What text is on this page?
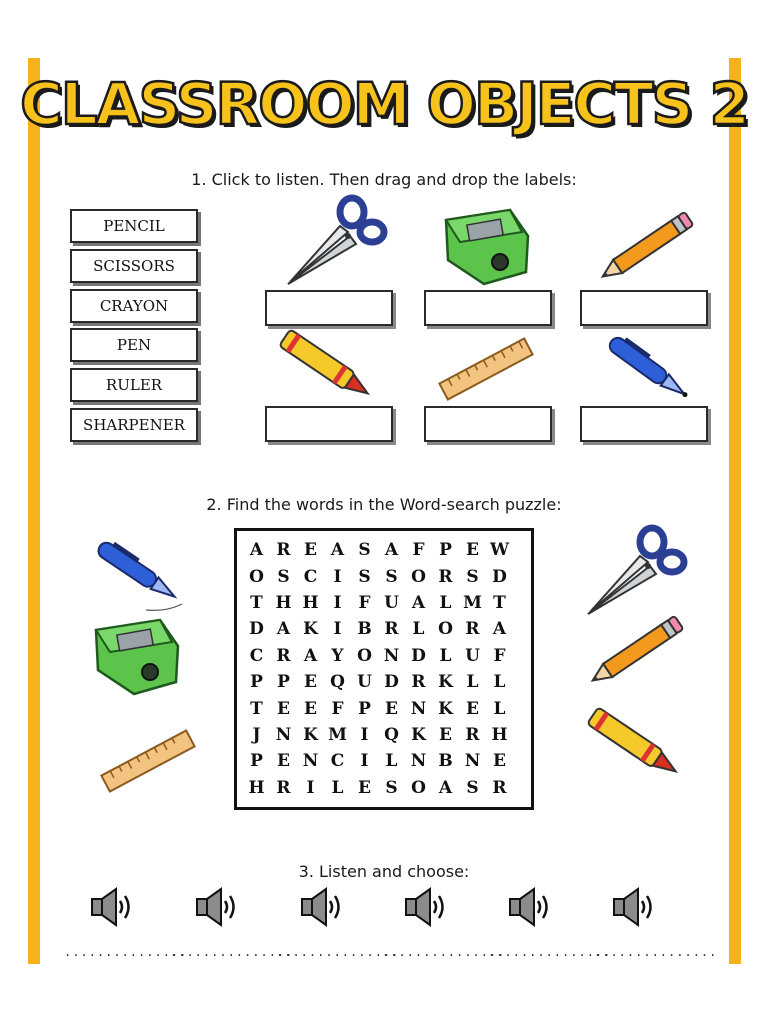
CLASSROOM OBJECTS 2
1. Click to listen. Then drag and drop the labels:
PENCIL
SCISSORS
CRAYON
PEN
RULER
SHARPENER
2. Find the words in the Word-search puzzle:
A R E A S A F P E W
O S C I S S O R S D
T H H I F U A L M T
D A K I B R L O R A
C R A Y O N D L U F
P P E Q U D R K L L
T E E F P E N K E L
J N K M I Q K E R H
P E N C I	L N B N E
H R I	L E S O A S R
3. Listen and choose:
...............
...............
...............
...............
...............
...............
